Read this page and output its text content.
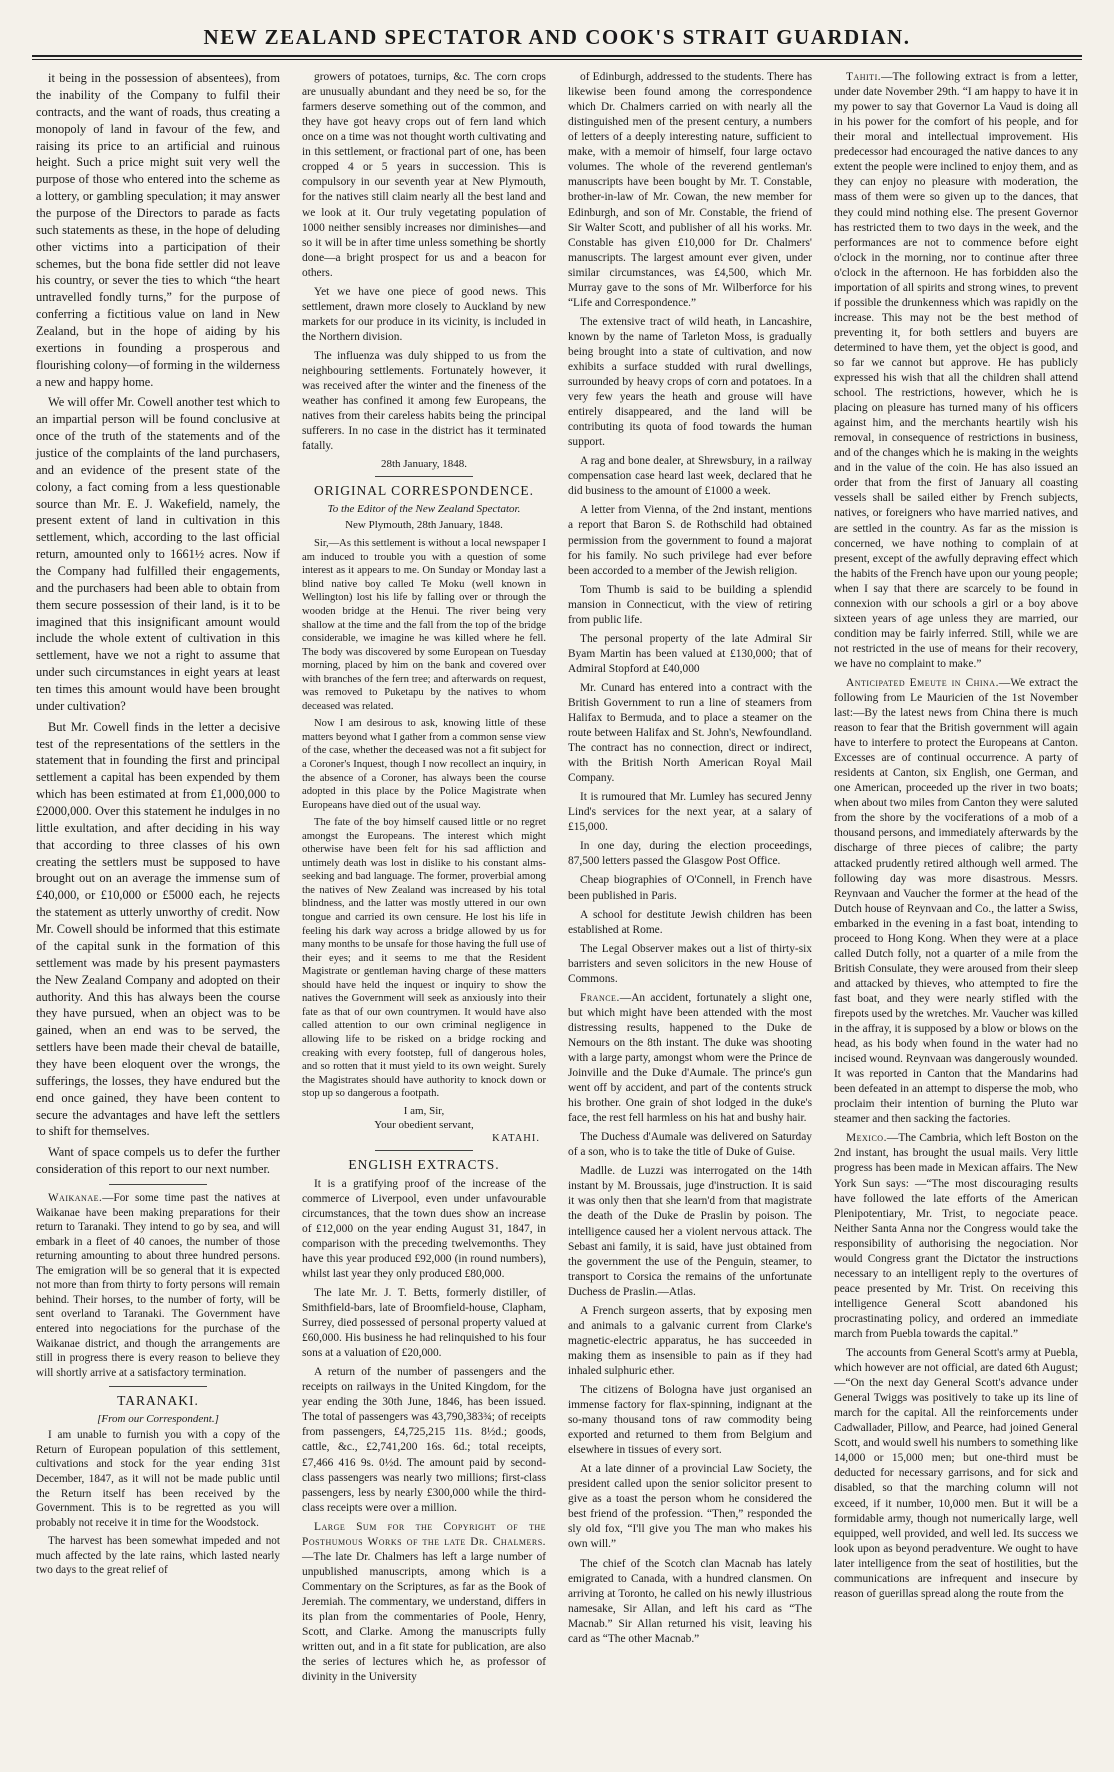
NEW ZEALAND SPECTATOR AND COOK'S STRAIT GUARDIAN.

it being in the possession of absentees), from the inability of the Company to fulfil their contracts, and the want of roads, thus creating a monopoly of land in favour of the few, and raising its price to an artificial and ruinous height. Such a price might suit very well the purpose of those who entered into the scheme as a lottery, or gambling speculation; it may answer the purpose of the Directors to parade as facts such statements as these, in the hope of deluding other victims into a participation of their schemes, but the bona fide settler did not leave his country, or sever the ties to which “the heart untravelled fondly turns,” for the purpose of conferring a fictitious value on land in New Zealand, but in the hope of aiding by his exertions in founding a prosperous and flourishing colony—of forming in the wilderness a new and happy home.

We will offer Mr. Cowell another test which to an impartial person will be found conclusive at once of the truth of the statements and of the justice of the complaints of the land purchasers, and an evidence of the present state of the colony, a fact coming from a less questionable source than Mr. E. J. Wakefield, namely, the present extent of land in cultivation in this settlement, which, according to the last official return, amounted only to 1661½ acres. Now if the Company had fulfilled their engagements, and the purchasers had been able to obtain from them secure possession of their land, is it to be imagined that this insignificant amount would include the whole extent of cultivation in this settlement, have we not a right to assume that under such circumstances in eight years at least ten times this amount would have been brought under cultivation?

But Mr. Cowell finds in the letter a decisive test of the representations of the settlers in the statement that in founding the first and principal settlement a capital has been expended by them which has been estimated at from £1,000,000 to £2000,000. Over this statement he indulges in no little exultation, and after deciding in his way that according to three classes of his own creating the settlers must be supposed to have brought out on an average the immense sum of £40,000, or £10,000 or £5000 each, he rejects the statement as utterly unworthy of credit. Now Mr. Cowell should be informed that this estimate of the capital sunk in the formation of this settlement was made by his present paymasters the New Zealand Company and adopted on their authority. And this has always been the course they have pursued, when an object was to be gained, when an end was to be served, the settlers have been made their cheval de bataille, they have been eloquent over the wrongs, the sufferings, the losses, they have endured but the end once gained, they have been content to secure the advantages and have left the settlers to shift for themselves.

Want of space compels us to defer the further consideration of this report to our next number.

Waikanae.—For some time past the natives at Waikanae have been making preparations for their return to Taranaki. They intend to go by sea, and will embark in a fleet of 40 canoes, the number of those returning amounting to about three hundred persons. The emigration will be so general that it is expected not more than from thirty to forty persons will remain behind. Their horses, to the number of forty, will be sent overland to Taranaki. The Government have entered into negociations for the purchase of the Waikanae district, and though the arrangements are still in progress there is every reason to believe they will shortly arrive at a satisfactory termination.

TARANAKI.
[From our Correspondent.]

I am unable to furnish you with a copy of the Return of European population of this settlement, cultivations and stock for the year ending 31st December, 1847, as it will not be made public until the Return itself has been received by the Government. This is to be regretted as you will probably not receive it in time for the Woodstock.

The harvest has been somewhat impeded and not much affected by the late rains, which lasted nearly two days to the great relief of

growers of potatoes, turnips, &c. The corn crops are unusually abundant and they need be so, for the farmers deserve something out of the common, and they have got heavy crops out of fern land which once on a time was not thought worth cultivating and in this settlement, or fractional part of one, has been cropped 4 or 5 years in succession. This is compulsory in our seventh year at New Plymouth, for the natives still claim nearly all the best land and we look at it. Our truly vegetating population of 1000 neither sensibly increases nor diminishes—and so it will be in after time unless something be shortly done—a bright prospect for us and a beacon for others.

Yet we have one piece of good news. This settlement, drawn more closely to Auckland by new markets for our produce in its vicinity, is included in the Northern division.

The influenza was duly shipped to us from the neighbouring settlements. Fortunately however, it was received after the winter and the fineness of the weather has confined it among few Europeans, the natives from their careless habits being the principal sufferers. In no case in the district has it terminated fatally.

28th January, 1848.
ORIGINAL CORRESPONDENCE.
To the Editor of the New Zealand Spectator.
New Plymouth, 28th January, 1848.

Sir,—As this settlement is without a local newspaper I am induced to trouble you with a question of some interest as it appears to me. On Sunday or Monday last a blind native boy called Te Moku (well known in Wellington) lost his life by falling over or through the wooden bridge at the Henui. The river being very shallow at the time and the fall from the top of the bridge considerable, we imagine he was killed where he fell. The body was discovered by some European on Tuesday morning, placed by him on the bank and covered over with branches of the fern tree; and afterwards on request, was removed to Puketapu by the natives to whom deceased was related.

Now I am desirous to ask, knowing little of these matters beyond what I gather from a common sense view of the case, whether the deceased was not a fit subject for a Coroner's Inquest, though I now recollect an inquiry, in the absence of a Coroner, has always been the course adopted in this place by the Police Magistrate when Europeans have died out of the usual way.

The fate of the boy himself caused little or no regret amongst the Europeans. The interest which might otherwise have been felt for his sad affliction and untimely death was lost in dislike to his constant alms-seeking and bad language. The former, proverbial among the natives of New Zealand was increased by his total blindness, and the latter was mostly uttered in our own tongue and carried its own censure. He lost his life in feeling his dark way across a bridge allowed by us for many months to be unsafe for those having the full use of their eyes; and it seems to me that the Resident Magistrate or gentleman having charge of these matters should have held the inquest or inquiry to show the natives the Government will seek as anxiously into their fate as that of our own countrymen. It would have also called attention to our own criminal negligence in allowing life to be risked on a bridge rocking and creaking with every footstep, full of dangerous holes, and so rotten that it must yield to its own weight. Surely the Magistrates should have authority to knock down or stop up so dangerous a footpath.

I am, Sir,
Your obedient servant,
KATAHI.
ENGLISH EXTRACTS.

It is a gratifying proof of the increase of the commerce of Liverpool, even under unfavourable circumstances, that the town dues show an increase of £12,000 on the year ending August 31, 1847, in comparison with the preceding twelvemonths. They have this year produced £92,000 (in round numbers), whilst last year they only produced £80,000.

The late Mr. J. T. Betts, formerly distiller, of Smithfield-bars, late of Broomfield-house, Clapham, Surrey, died possessed of personal property valued at £60,000. His business he had relinquished to his four sons at a valuation of £20,000.

A return of the number of passengers and the receipts on railways in the United Kingdom, for the year ending the 30th June, 1846, has been issued. The total of passengers was 43,790,383¾; of receipts from passengers, £4,725,215 11s. 8½d.; goods, cattle, &c., £2,741,200 16s. 6d.; total receipts, £7,466 416 9s. 0½d. The amount paid by second-class passengers was nearly two millions; first-class passengers, less by nearly £300,000 while the third-class receipts were over a million.

Large Sum for the Copyright of the Posthumous Works of the late Dr. Chalmers.—The late Dr. Chalmers has left a large number of unpublished manuscripts, among which is a Commentary on the Scriptures, as far as the Book of Jeremiah. The commentary, we understand, differs in its plan from the commentaries of Poole, Henry, Scott, and Clarke. Among the manuscripts fully written out, and in a fit state for publication, are also the series of lectures which he, as professor of divinity in the University

of Edinburgh, addressed to the students. There has likewise been found among the correspondence which Dr. Chalmers carried on with nearly all the distinguished men of the present century, a numbers of letters of a deeply interesting nature, sufficient to make, with a memoir of himself, four large octavo volumes. The whole of the reverend gentleman's manuscripts have been bought by Mr. T. Constable, brother-in-law of Mr. Cowan, the new member for Edinburgh, and son of Mr. Constable, the friend of Sir Walter Scott, and publisher of all his works. Mr. Constable has given £10,000 for Dr. Chalmers' manuscripts. The largest amount ever given, under similar circumstances, was £4,500, which Mr. Murray gave to the sons of Mr. Wilberforce for his “Life and Correspondence.”

The extensive tract of wild heath, in Lancashire, known by the name of Tarleton Moss, is gradually being brought into a state of cultivation, and now exhibits a surface studded with rural dwellings, surrounded by heavy crops of corn and potatoes. In a very few years the heath and grouse will have entirely disappeared, and the land will be contributing its quota of food towards the human support.

A rag and bone dealer, at Shrewsbury, in a railway compensation case heard last week, declared that he did business to the amount of £1000 a week.

A letter from Vienna, of the 2nd instant, mentions a report that Baron S. de Rothschild had obtained permission from the government to found a majorat for his family. No such privilege had ever before been accorded to a member of the Jewish religion.

Tom Thumb is said to be building a splendid mansion in Connecticut, with the view of retiring from public life.

The personal property of the late Admiral Sir Byam Martin has been valued at £130,000; that of Admiral Stopford at £40,000

Mr. Cunard has entered into a contract with the British Government to run a line of steamers from Halifax to Bermuda, and to place a steamer on the route between Halifax and St. John's, Newfoundland. The contract has no connection, direct or indirect, with the British North American Royal Mail Company.

It is rumoured that Mr. Lumley has secured Jenny Lind's services for the next year, at a salary of £15,000.

In one day, during the election proceedings, 87,500 letters passed the Glasgow Post Office.

Cheap biographies of O'Connell, in French have been published in Paris.

A school for destitute Jewish children has been established at Rome.

The Legal Observer makes out a list of thirty-six barristers and seven solicitors in the new House of Commons.

France.—An accident, fortunately a slight one, but which might have been attended with the most distressing results, happened to the Duke de Nemours on the 8th instant. The duke was shooting with a large party, amongst whom were the Prince de Joinville and the Duke d'Aumale. The prince's gun went off by accident, and part of the contents struck his brother. One grain of shot lodged in the duke's face, the rest fell harmless on his hat and bushy hair.

The Duchess d'Aumale was delivered on Saturday of a son, who is to take the title of Duke of Guise.

Madlle. de Luzzi was interrogated on the 14th instant by M. Broussais, juge d'instruction. It is said it was only then that she learn'd from that magistrate the death of the Duke de Praslin by poison. The intelligence caused her a violent nervous attack. The Sebast ani family, it is said, have just obtained from the government the use of the Penguin, steamer, to transport to Corsica the remains of the unfortunate Duchess de Praslin.—Atlas.

A French surgeon asserts, that by exposing men and animals to a galvanic current from Clarke's magnetic-electric apparatus, he has succeeded in making them as insensible to pain as if they had inhaled sulphuric ether.

The citizens of Bologna have just organised an immense factory for flax-spinning, indignant at the so-many thousand tons of raw commodity being exported and returned to them from Belgium and elsewhere in tissues of every sort.

At a late dinner of a provincial Law Society, the president called upon the senior solicitor present to give as a toast the person whom he considered the best friend of the profession. “Then,” responded the sly old fox, “I'll give you The man who makes his own will.”

The chief of the Scotch clan Macnab has lately emigrated to Canada, with a hundred clansmen. On arriving at Toronto, he called on his newly illustrious namesake, Sir Allan, and left his card as “The Macnab.” Sir Allan returned his visit, leaving his card as “The other Macnab.”

Tahiti.—The following extract is from a letter, under date November 29th. “I am happy to have it in my power to say that Governor La Vaud is doing all in his power for the comfort of his people, and for their moral and intellectual improvement. His predecessor had encouraged the native dances to any extent the people were inclined to enjoy them, and as they can enjoy no pleasure with moderation, the mass of them were so given up to the dances, that they could mind nothing else. The present Governor has restricted them to two days in the week, and the performances are not to commence before eight o'clock in the morning, nor to continue after three o'clock in the afternoon. He has forbidden also the importation of all spirits and strong wines, to prevent if possible the drunkenness which was rapidly on the increase. This may not be the best method of preventing it, for both settlers and buyers are determined to have them, yet the object is good, and so far we cannot but approve. He has publicly expressed his wish that all the children shall attend school. The restrictions, however, which he is placing on pleasure has turned many of his officers against him, and the merchants heartily wish his removal, in consequence of restrictions in business, and of the changes which he is making in the weights and in the value of the coin. He has also issued an order that from the first of January all coasting vessels shall be sailed either by French subjects, natives, or foreigners who have married natives, and are settled in the country. As far as the mission is concerned, we have nothing to complain of at present, except of the awfully depraving effect which the habits of the French have upon our young people; when I say that there are scarcely to be found in connexion with our schools a girl or a boy above sixteen years of age unless they are married, our condition may be fairly inferred. Still, while we are not restricted in the use of means for their recovery, we have no complaint to make.”

Anticipated Emeute in China.—We extract the following from Le Mauricien of the 1st November last:—By the latest news from China there is much reason to fear that the British government will again have to interfere to protect the Europeans at Canton. Excesses are of continual occurrence. A party of residents at Canton, six English, one German, and one American, proceeded up the river in two boats; when about two miles from Canton they were saluted from the shore by the vociferations of a mob of a thousand persons, and immediately afterwards by the discharge of three pieces of calibre; the party attacked prudently retired although well armed. The following day was more disastrous. Messrs. Reynvaan and Vaucher the former at the head of the Dutch house of Reynvaan and Co., the latter a Swiss, embarked in the evening in a fast boat, intending to proceed to Hong Kong. When they were at a place called Dutch folly, not a quarter of a mile from the British Consulate, they were aroused from their sleep and attacked by thieves, who attempted to fire the fast boat, and they were nearly stifled with the firepots used by the wretches. Mr. Vaucher was killed in the affray, it is supposed by a blow or blows on the head, as his body when found in the water had no incised wound. Reynvaan was dangerously wounded. It was reported in Canton that the Mandarins had been defeated in an attempt to disperse the mob, who proclaim their intention of burning the Pluto war steamer and then sacking the factories.

Mexico.—The Cambria, which left Boston on the 2nd instant, has brought the usual mails. Very little progress has been made in Mexican affairs. The New York Sun says: —“The most discouraging results have followed the late efforts of the American Plenipotentiary, Mr. Trist, to negociate peace. Neither Santa Anna nor the Congress would take the responsibility of authorising the negociation. Nor would Congress grant the Dictator the instructions necessary to an intelligent reply to the overtures of peace presented by Mr. Trist. On receiving this intelligence General Scott abandoned his procrastinating policy, and ordered an immediate march from Puebla towards the capital.”

The accounts from General Scott's army at Puebla, which however are not official, are dated 6th August;—“On the next day General Scott's advance under General Twiggs was positively to take up its line of march for the capital. All the reinforcements under Cadwallader, Pillow, and Pearce, had joined General Scott, and would swell his numbers to something like 14,000 or 15,000 men; but one-third must be deducted for necessary garrisons, and for sick and disabled, so that the marching column will not exceed, if it number, 10,000 men. But it will be a formidable army, though not numerically large, well equipped, well provided, and well led. Its success we look upon as beyond peradventure. We ought to have later intelligence from the seat of hostilities, but the communications are infrequent and insecure by reason of guerillas spread along the route from the
